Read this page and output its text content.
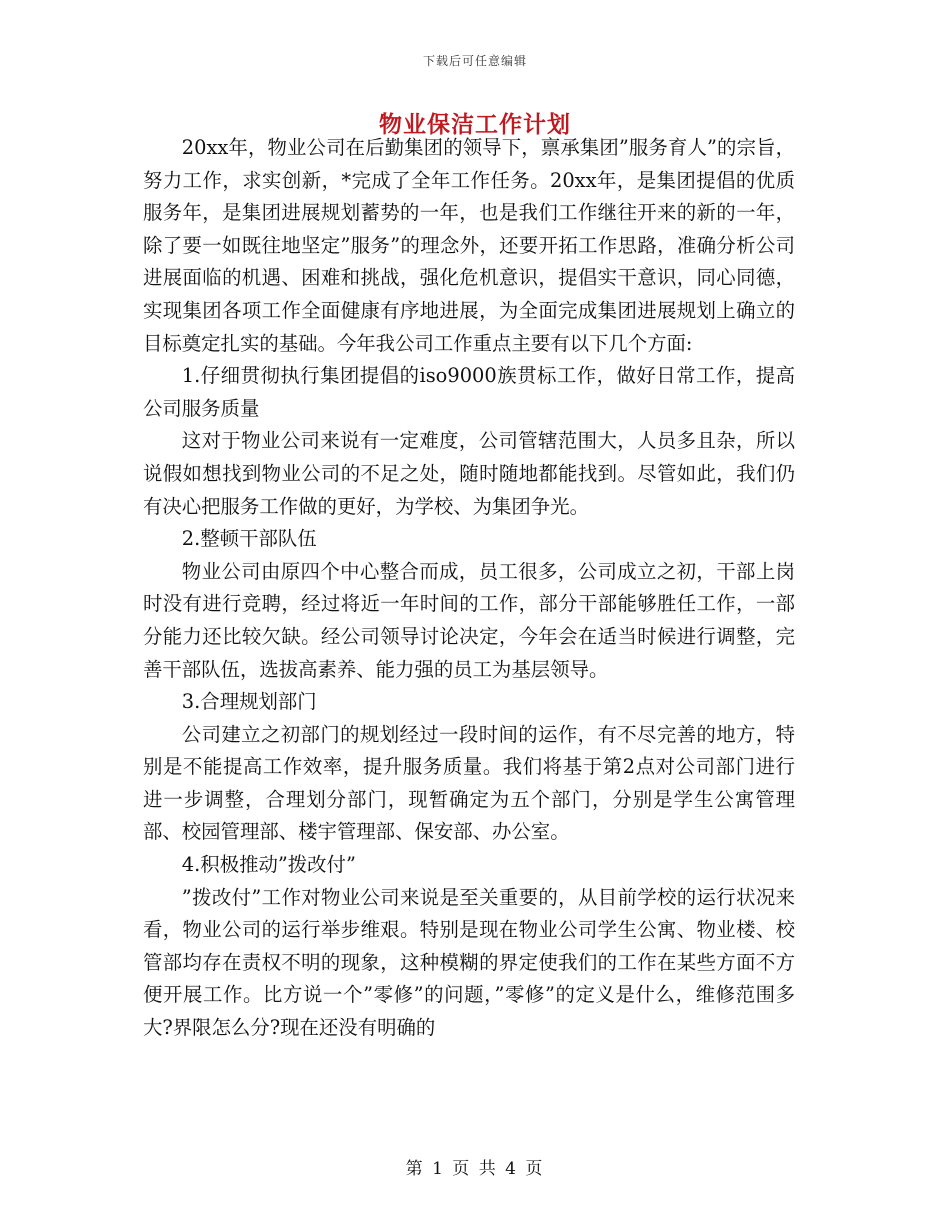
下载后可任意编辑
物业保洁工作计划

20xx年，物业公司在后勤集团的领导下，禀承集团”服务育人”的宗旨，努力工作，求实创新，*完成了全年工作任务。20xx年，是集团提倡的优质服务年，是集团进展规划蓄势的一年，也是我们工作继往开来的新的一年，除了要一如既往地坚定”服务”的理念外，还要开拓工作思路，准确分析公司进展面临的机遇、困难和挑战，强化危机意识，提倡实干意识，同心同德，实现集团各项工作全面健康有序地进展，为全面完成集团进展规划上确立的目标奠定扎实的基础。今年我公司工作重点主要有以下几个方面:

1.仔细贯彻执行集团提倡的iso9000族贯标工作，做好日常工作，提高公司服务质量

这对于物业公司来说有一定难度，公司管辖范围大，人员多且杂，所以说假如想找到物业公司的不足之处，随时随地都能找到。尽管如此，我们仍有决心把服务工作做的更好，为学校、为集团争光。

2.整顿干部队伍

物业公司由原四个中心整合而成，员工很多，公司成立之初，干部上岗时没有进行竞聘，经过将近一年时间的工作，部分干部能够胜任工作，一部分能力还比较欠缺。经公司领导讨论决定，今年会在适当时候进行调整，完善干部队伍，选拔高素养、能力强的员工为基层领导。

3.合理规划部门

公司建立之初部门的规划经过一段时间的运作，有不尽完善的地方，特别是不能提高工作效率，提升服务质量。我们将基于第2点对公司部门进行进一步调整，合理划分部门，现暂确定为五个部门，分别是学生公寓管理部、校园管理部、楼宇管理部、保安部、办公室。

4.积极推动”拨改付”

”拨改付”工作对物业公司来说是至关重要的，从目前学校的运行状况来看，物业公司的运行举步维艰。特别是现在物业公司学生公寓、物业楼、校管部均存在责权不明的现象，这种模糊的界定使我们的工作在某些方面不方便开展工作。比方说一个”零修”的问题，”零修”的定义是什么，维修范围多大?界限怎么分?现在还没有明确的

第 1 页 共 4 页
